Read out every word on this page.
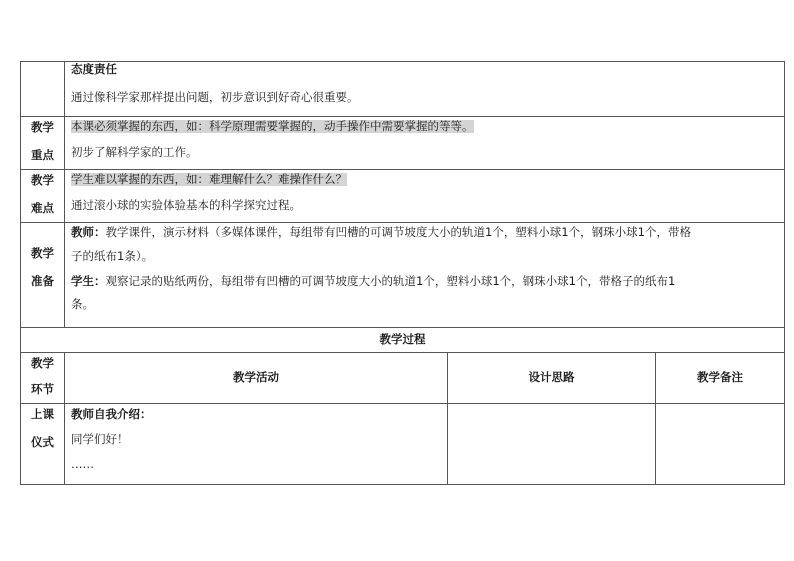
	态度责任
通过像科学家那样提出问题，初步意识到好奇心很重要。		

教学
重点	本课必须掌握的东西，如：科学原理需要掌握的，动手操作中需要掌握的等等。
初步了解科学家的工作。		

教学
难点	学生难以掌握的东西，如：难理解什么？难操作什么？
通过滚小球的实验体验基本的科学探究过程。		

教学
准备	教师：教学课件，演示材料（多媒体课件，每组带有凹槽的可调节坡度大小的轨道1个，塑料小球1个，钢珠小球1个，带格
子的纸布1条）。
学生：观察记录的贴纸两份，每组带有凹槽的可调节坡度大小的轨道1个，塑料小球1个，钢珠小球1个，带格子的纸布1
条。		

教学过程			

教学
环节	教学活动	设计思路	教学备注

上课
仪式	教师自我介绍：
同学们好！
……		
